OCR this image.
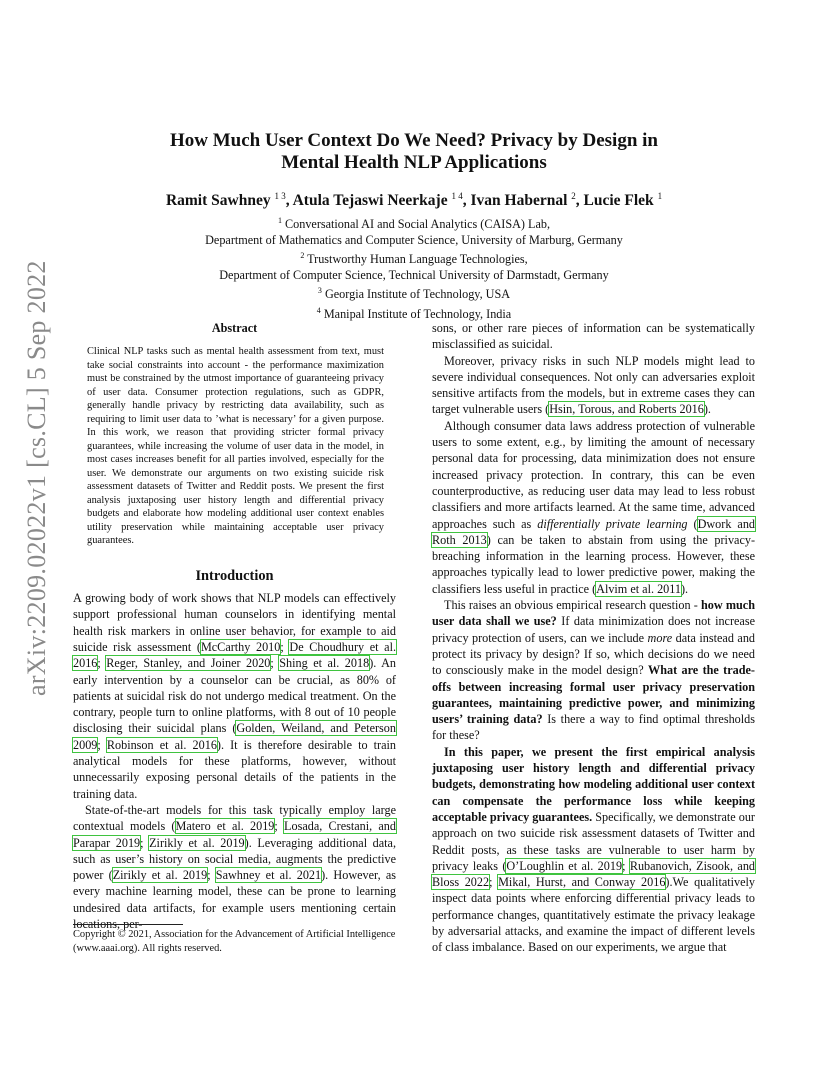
arXiv:2209.02022v1 [cs.CL] 5 Sep 2022
How Much User Context Do We Need? Privacy by Design in
Mental Health NLP Applications
Ramit Sawhney $^{1 3}$, Atula Tejaswi Neerkaje $^{1 4}$, Ivan Habernal $^2$, Lucie Flek $^1$
$^1$ Conversational AI and Social Analytics (CAISA) Lab,
Department of Mathematics and Computer Science, University of Marburg, Germany
$^2$ Trustworthy Human Language Technologies,
Department of Computer Science, Technical University of Darmstadt, Germany
$^3$ Georgia Institute of Technology, USA
$^4$ Manipal Institute of Technology, India
Abstract
Clinical NLP tasks such as mental health assessment from text, must take social constraints into account - the performance maximization must be constrained by the utmost importance of guaranteeing privacy of user data. Consumer protection regulations, such as GDPR, generally handle privacy by restricting data availability, such as requiring to limit user data to ’what is necessary’ for a given purpose. In this work, we reason that providing stricter formal privacy guarantees, while increasing the volume of user data in the model, in most cases increases benefit for all parties involved, especially for the user. We demonstrate our arguments on two existing suicide risk assessment datasets of Twitter and Reddit posts. We present the first analysis juxtaposing user history length and differential privacy budgets and elaborate how modeling additional user context enables utility preservation while maintaining acceptable user privacy guarantees.
Introduction

A growing body of work shows that NLP models can effectively support professional human counselors in identifying mental health risk markers in online user behavior, for example to aid suicide risk assessment (McCarthy 2010; De Choudhury et al. 2016; Reger, Stanley, and Joiner 2020; Shing et al. 2018). An early intervention by a counselor can be crucial, as 80% of patients at suicidal risk do not undergo medical treatment. On the contrary, people turn to online platforms, with 8 out of 10 people disclosing their suicidal plans (Golden, Weiland, and Peterson 2009; Robinson et al. 2016). It is therefore desirable to train analytical models for these platforms, however, without unnecessarily exposing personal details of the patients in the training data.

State-of-the-art models for this task typically employ large contextual models (Matero et al. 2019; Losada, Crestani, and Parapar 2019; Zirikly et al. 2019). Leveraging additional data, such as user’s history on social media, augments the predictive power (Zirikly et al. 2019; Sawhney et al. 2021). However, as every machine learning model, these can be prone to learning undesired data artifacts, for example users mentioning certain locations, per-

Copyright © 2021, Association for the Advancement of Artificial Intelligence (www.aaai.org). All rights reserved.

sons, or other rare pieces of information can be systematically misclassified as suicidal.

Moreover, privacy risks in such NLP models might lead to severe individual consequences. Not only can adversaries exploit sensitive artifacts from the models, but in extreme cases they can target vulnerable users (Hsin, Torous, and Roberts 2016).

Although consumer data laws address protection of vulnerable users to some extent, e.g., by limiting the amount of necessary personal data for processing, data minimization does not ensure increased privacy protection. In contrary, this can be even counterproductive, as reducing user data may lead to less robust classifiers and more artifacts learned. At the same time, advanced approaches such as differentially private learning (Dwork and Roth 2013) can be taken to abstain from using the privacy-breaching information in the learning process. However, these approaches typically lead to lower predictive power, making the classifiers less useful in practice (Alvim et al. 2011).

This raises an obvious empirical research question - how much user data shall we use? If data minimization does not increase privacy protection of users, can we include more data instead and protect its privacy by design? If so, which decisions do we need to consciously make in the model design? What are the trade-offs between increasing formal user privacy preservation guarantees, maintaining predictive power, and minimizing users’ training data? Is there a way to find optimal thresholds for these?

In this paper, we present the first empirical analysis juxtaposing user history length and differential privacy budgets, demonstrating how modeling additional user context can compensate the performance loss while keeping acceptable privacy guarantees. Specifically, we demonstrate our approach on two suicide risk assessment datasets of Twitter and Reddit posts, as these tasks are vulnerable to user harm by privacy leaks (O’Loughlin et al. 2019; Rubanovich, Zisook, and Bloss 2022; Mikal, Hurst, and Conway 2016).We qualitatively inspect data points where enforcing differential privacy leads to performance changes, quantitatively estimate the privacy leakage by adversarial attacks, and examine the impact of different levels of class imbalance. Based on our experiments, we argue that
